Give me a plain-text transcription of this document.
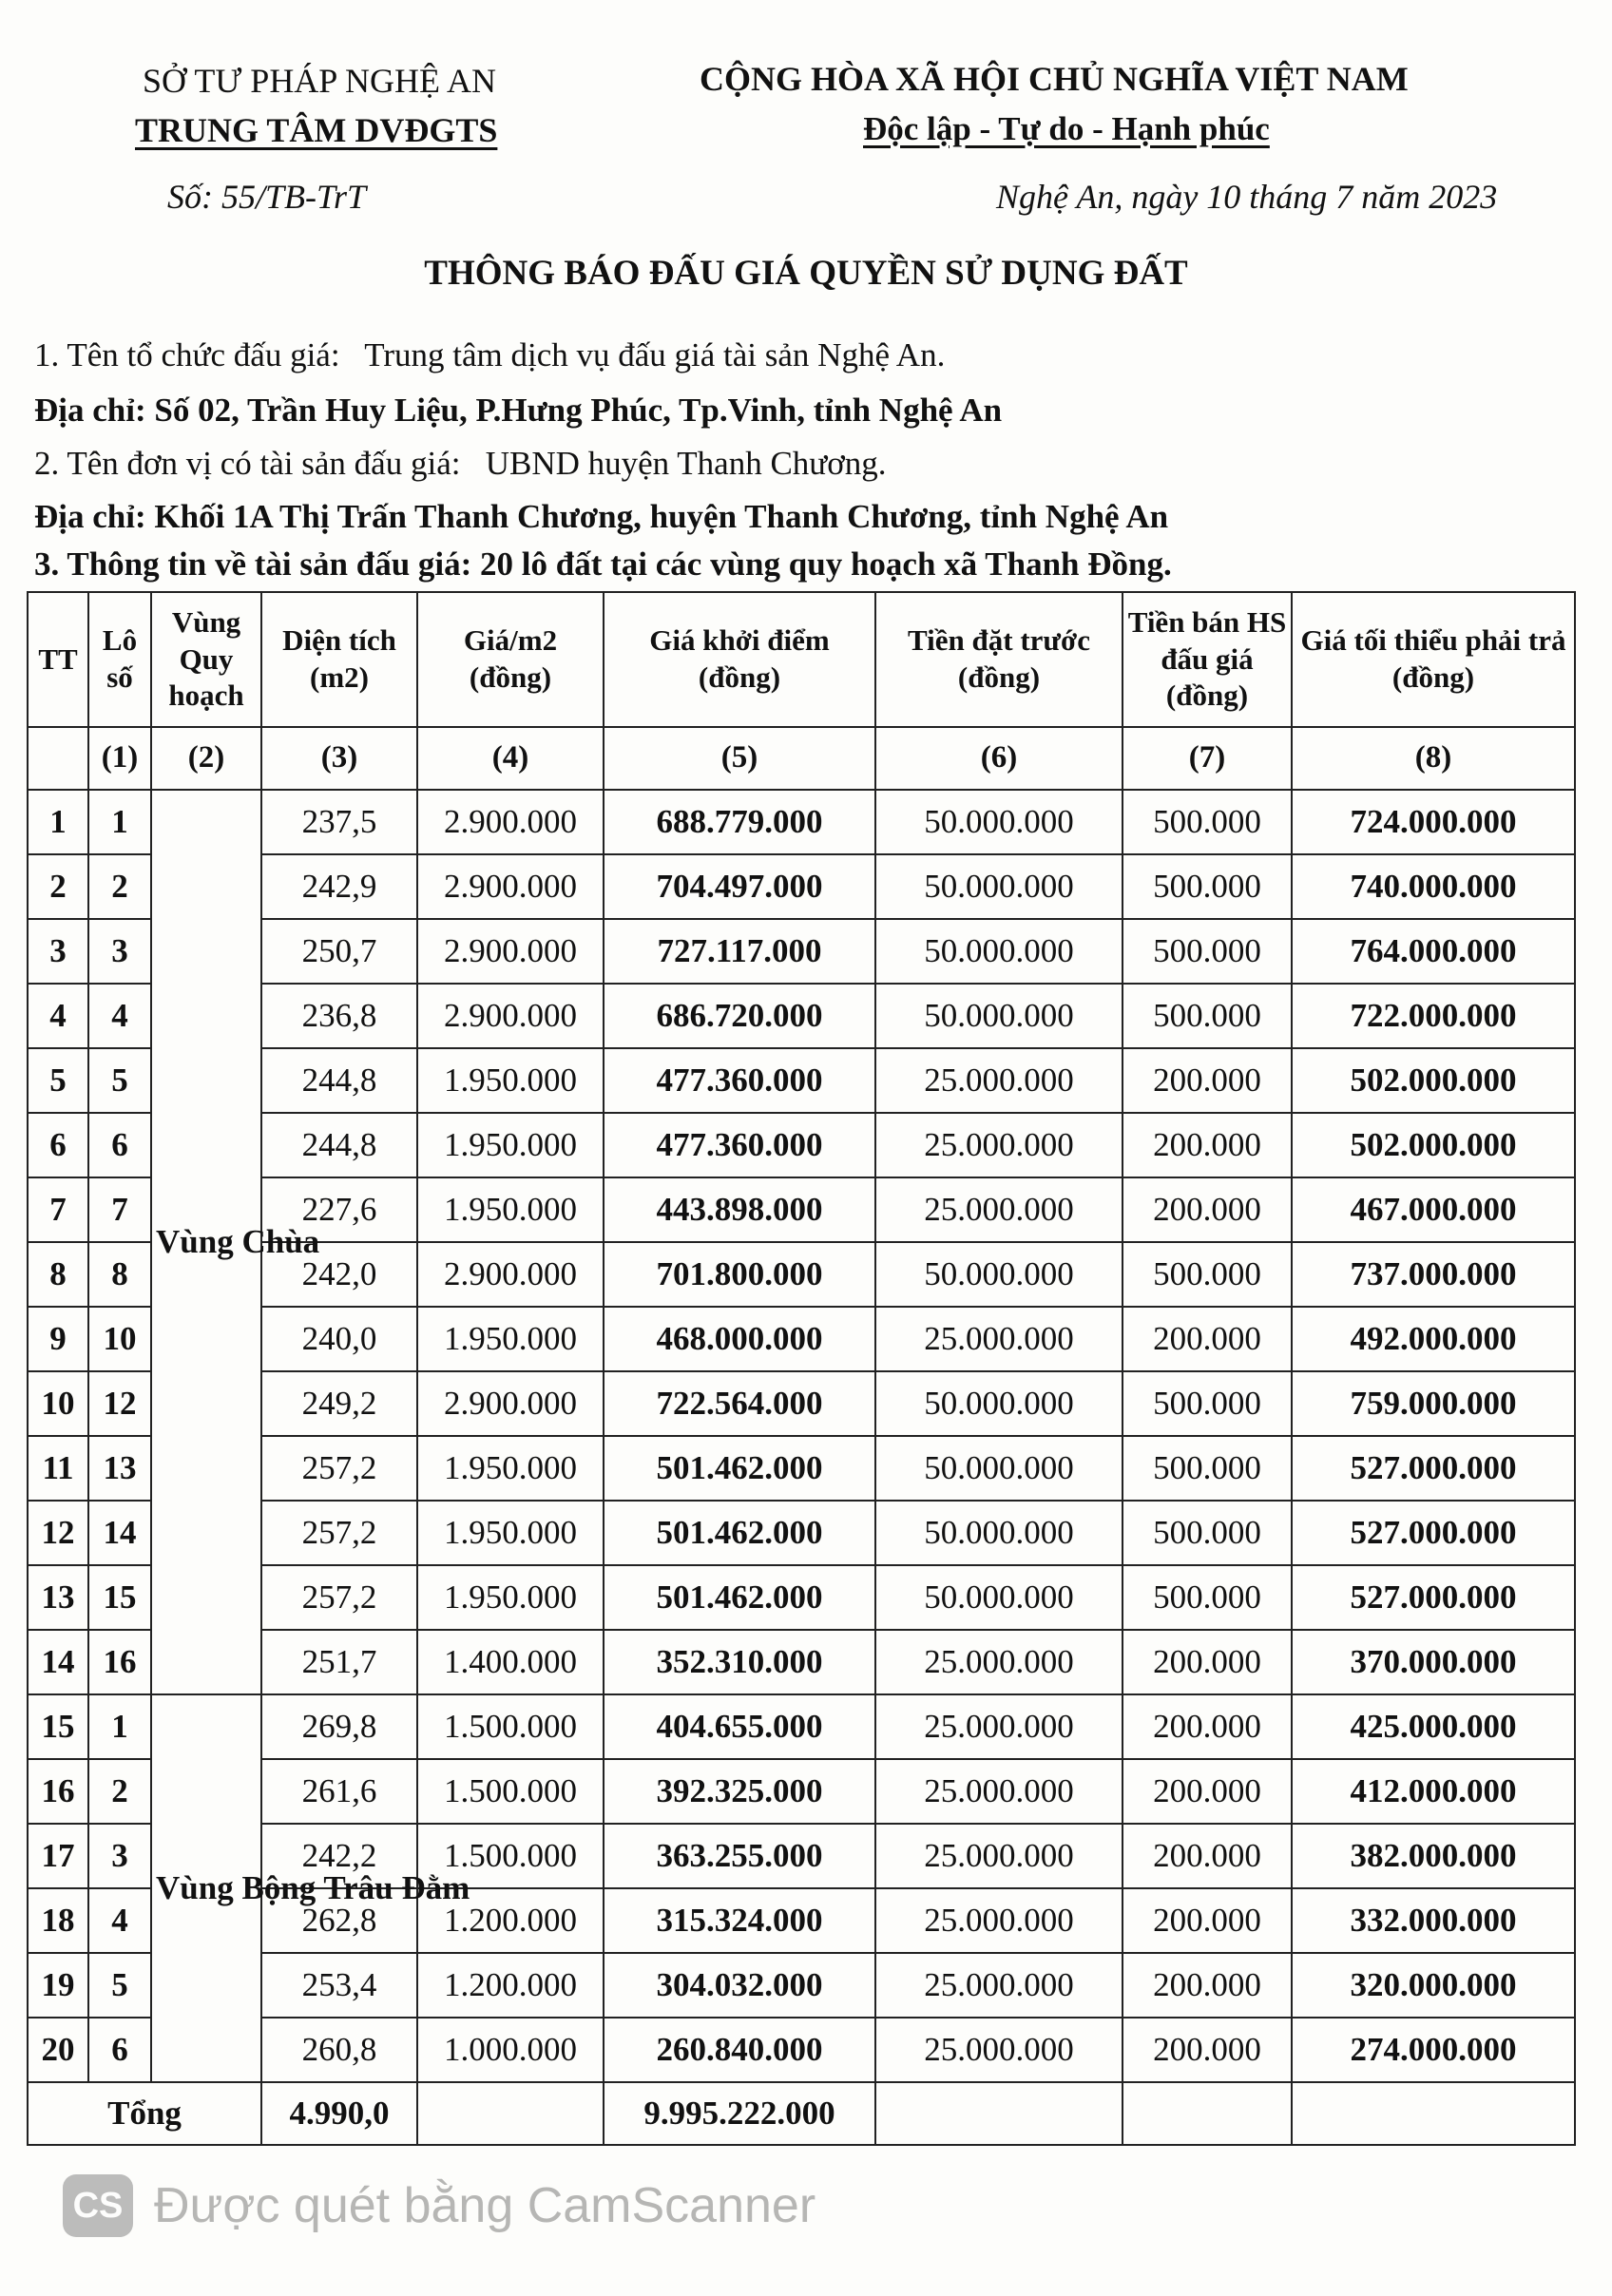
SỞ TƯ PHÁP NGHỆ AN
TRUNG TÂM DVĐGTS
CỘNG HÒA XÃ HỘI CHỦ NGHĨA VIỆT NAM
Độc lập - Tự do - Hạnh phúc
Số: 55/TB-TrT	Nghệ An, ngày 10 tháng 7 năm 2023
THÔNG BÁO ĐẤU GIÁ QUYỀN SỬ DỤNG ĐẤT
1. Tên tổ chức đấu giá: Trung tâm dịch vụ đấu giá tài sản Nghệ An.
Địa chỉ: Số 02, Trần Huy Liệu, P.Hưng Phúc, Tp.Vinh, tỉnh Nghệ An
2. Tên đơn vị có tài sản đấu giá: UBND huyện Thanh Chương.
Địa chỉ: Khối 1A Thị Trấn Thanh Chương, huyện Thanh Chương, tỉnh Nghệ An
3. Thông tin về tài sản đấu giá: 20 lô đất tại các vùng quy hoạch xã Thanh Đồng.
TT	Lô số	Vùng Quy hoạch	Diện tích (m2)	Giá/m2 (đồng)	Giá khởi điểm (đồng)	Tiền đặt trước (đồng)	Tiền bán HS đấu giá (đồng)	Giá tối thiểu phải trả (đồng)
	(1)	(2)	(3)	(4)	(5)	(6)	(7)	(8)
1	1	Vùng Chùa	237,5	2.900.000	688.779.000	50.000.000	500.000	724.000.000
2	2		242,9	2.900.000	704.497.000	50.000.000	500.000	740.000.000
3	3		250,7	2.900.000	727.117.000	50.000.000	500.000	764.000.000
4	4		236,8	2.900.000	686.720.000	50.000.000	500.000	722.000.000
5	5		244,8	1.950.000	477.360.000	25.000.000	200.000	502.000.000
6	6		244,8	1.950.000	477.360.000	25.000.000	200.000	502.000.000
7	7		227,6	1.950.000	443.898.000	25.000.000	200.000	467.000.000
8	8		242,0	2.900.000	701.800.000	50.000.000	500.000	737.000.000
9	10		240,0	1.950.000	468.000.000	25.000.000	200.000	492.000.000
10	12		249,2	2.900.000	722.564.000	50.000.000	500.000	759.000.000
11	13		257,2	1.950.000	501.462.000	50.000.000	500.000	527.000.000
12	14		257,2	1.950.000	501.462.000	50.000.000	500.000	527.000.000
13	15		257,2	1.950.000	501.462.000	50.000.000	500.000	527.000.000
14	16		251,7	1.400.000	352.310.000	25.000.000	200.000	370.000.000
15	1	Vùng Bộng Trâu Đằm	269,8	1.500.000	404.655.000	25.000.000	200.000	425.000.000
16	2		261,6	1.500.000	392.325.000	25.000.000	200.000	412.000.000
17	3		242,2	1.500.000	363.255.000	25.000.000	200.000	382.000.000
18	4		262,8	1.200.000	315.324.000	25.000.000	200.000	332.000.000
19	5		253,4	1.200.000	304.032.000	25.000.000	200.000	320.000.000
20	6		260,8	1.000.000	260.840.000	25.000.000	200.000	274.000.000
Tổng			4.990,0		9.995.222.000			
CS Được quét bằng CamScanner
